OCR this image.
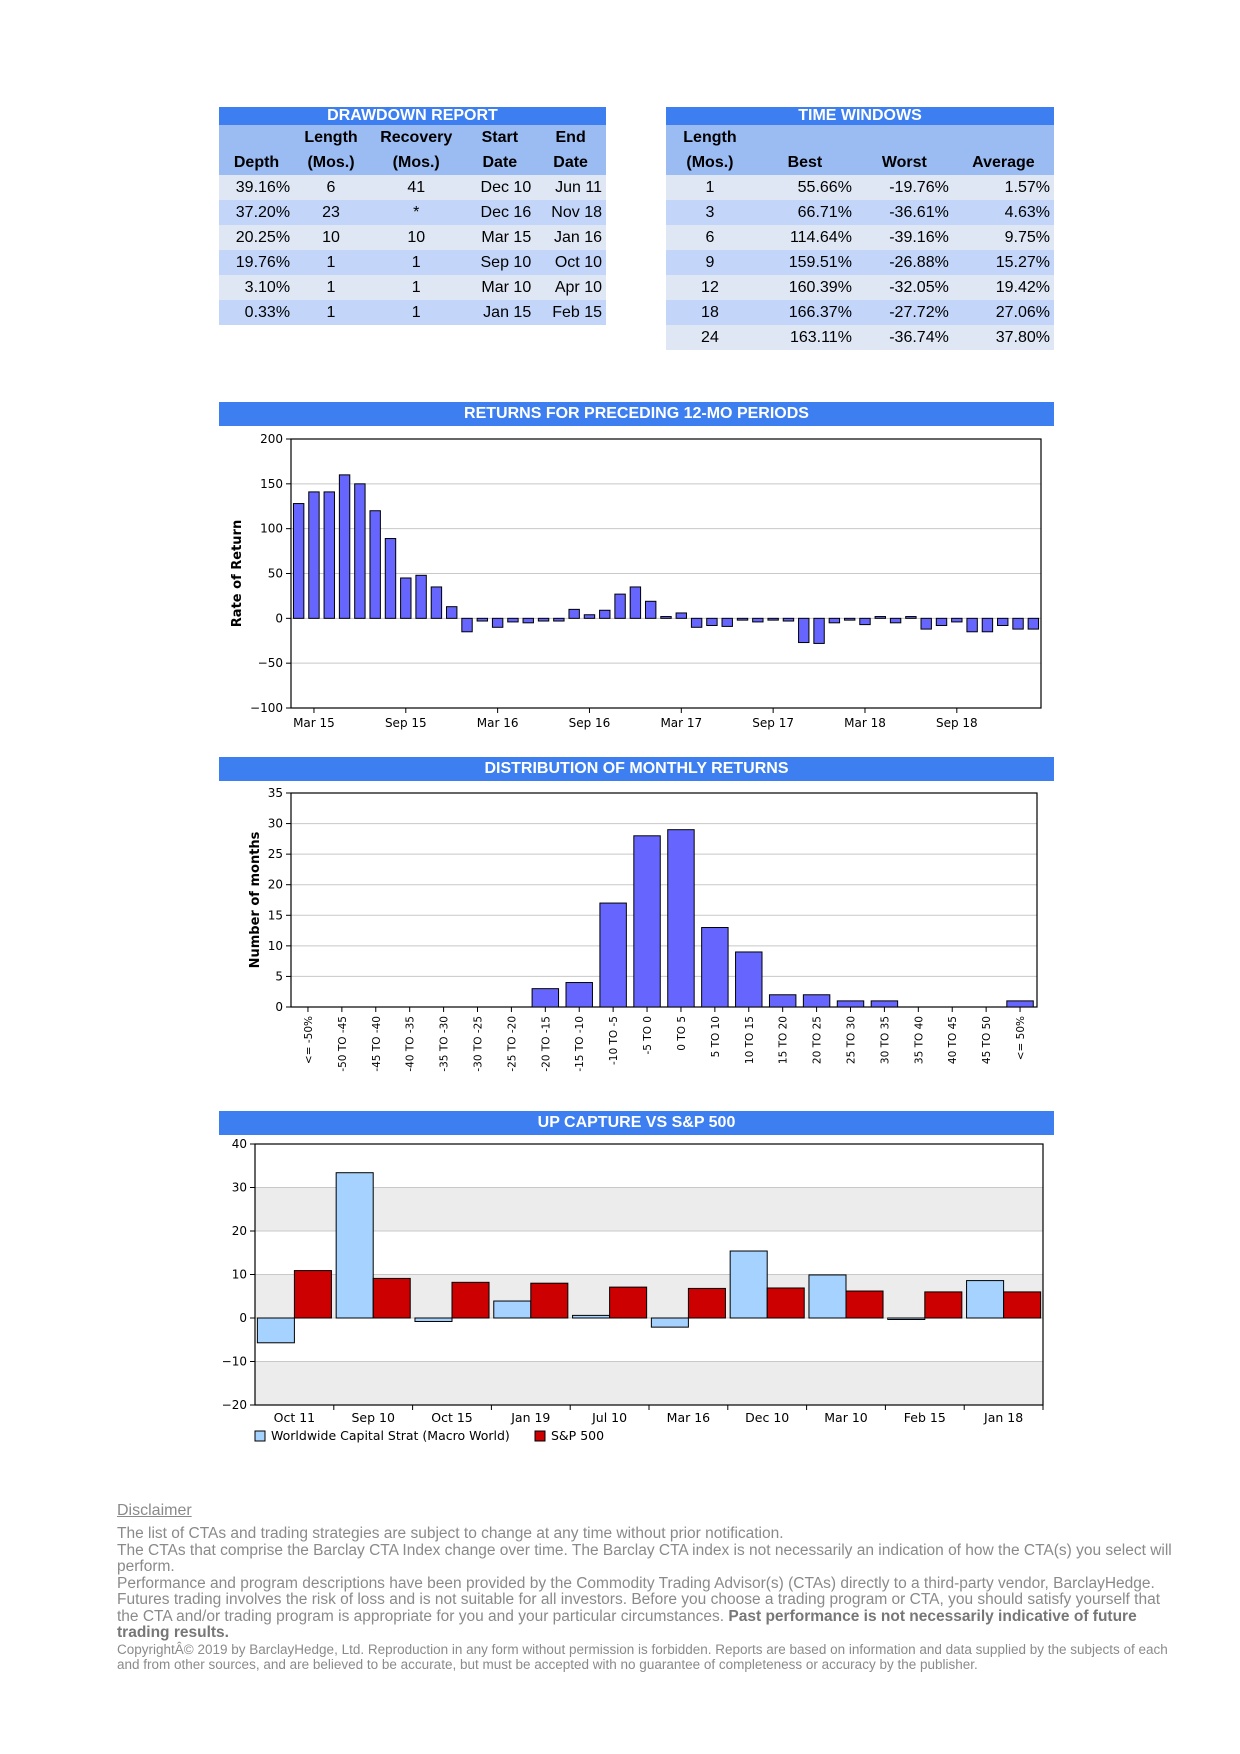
DRAWDOWN REPORT				
	Length	Recovery	Start	End
Depth	(Mos.)	(Mos.)	Date	Date
39.16%	6	41	Dec 10	Jun 11
37.20%	23	*	Dec 16	Nov 18
20.25%	10	10	Mar 15	Jan 16
19.76%	1	1	Sep 10	Oct 10
3.10%	1	1	Mar 10	Apr 10
0.33%	1	1	Jan 15	Feb 15
TIME WINDOWS			
Length			
(Mos.)	Best	Worst	Average
1	55.66%	-19.76%	1.57%
3	66.71%	-36.61%	4.63%
6	114.64%	-39.16%	9.75%
9	159.51%	-26.88%	15.27%
12	160.39%	-32.05%	19.42%
18	166.37%	-27.72%	27.06%
24	163.11%	-36.74%	37.80%
RETURNS FOR PRECEDING 12-MO PERIODS
−100
−50
0
50
100
150
200
Mar 15	Sep 15	Mar 16	Sep 16	Mar 17	Sep 17	Mar 18	Sep 18
Rate of Return
DISTRIBUTION OF MONTHLY RETURNS
0
5
10
15
20
25
30
35
<= -50% -50 TO -45 -45 TO -40 -40 TO -35 -35 TO -30 -30 TO -25 -25 TO -20 -20 TO -15 -15 TO -10 -10 TO -5 -5 TO 0 0 TO 5 5 TO 10 10 TO 15 15 TO 20 20 TO 25 25 TO 30 30 TO 35 35 TO 40 40 TO 45 45 TO 50 <= 50%
Number of months
UP CAPTURE VS S&P 500
−20
−10
0
10
20
30
40
Oct 11	Sep 10	Oct 15	Jan 19	Jul 10	Mar 16	Dec 10	Mar 10	Feb 15	Jan 18
Worldwide Capital Strat (Macro World)	S&P 500
Disclaimer
The list of CTAs and trading strategies are subject to change at any time without prior notification.
The CTAs that comprise the Barclay CTA Index change over time. The Barclay CTA index is not necessarily an indication of how the CTA(s) you select will perform.
Performance and program descriptions have been provided by the Commodity Trading Advisor(s) (CTAs) directly to a third-party vendor, BarclayHedge. Futures trading involves the risk of loss and is not suitable for all investors. Before you choose a trading program or CTA, you should satisfy yourself that the CTA and/or trading program is appropriate for you and your particular circumstances. Past performance is not necessarily indicative of future trading results.
CopyrightÂ© 2019 by BarclayHedge, Ltd. Reproduction in any form without permission is forbidden. Reports are based on information and data supplied by the subjects of each and from other sources, and are believed to be accurate, but must be accepted with no guarantee of completeness or accuracy by the publisher.
